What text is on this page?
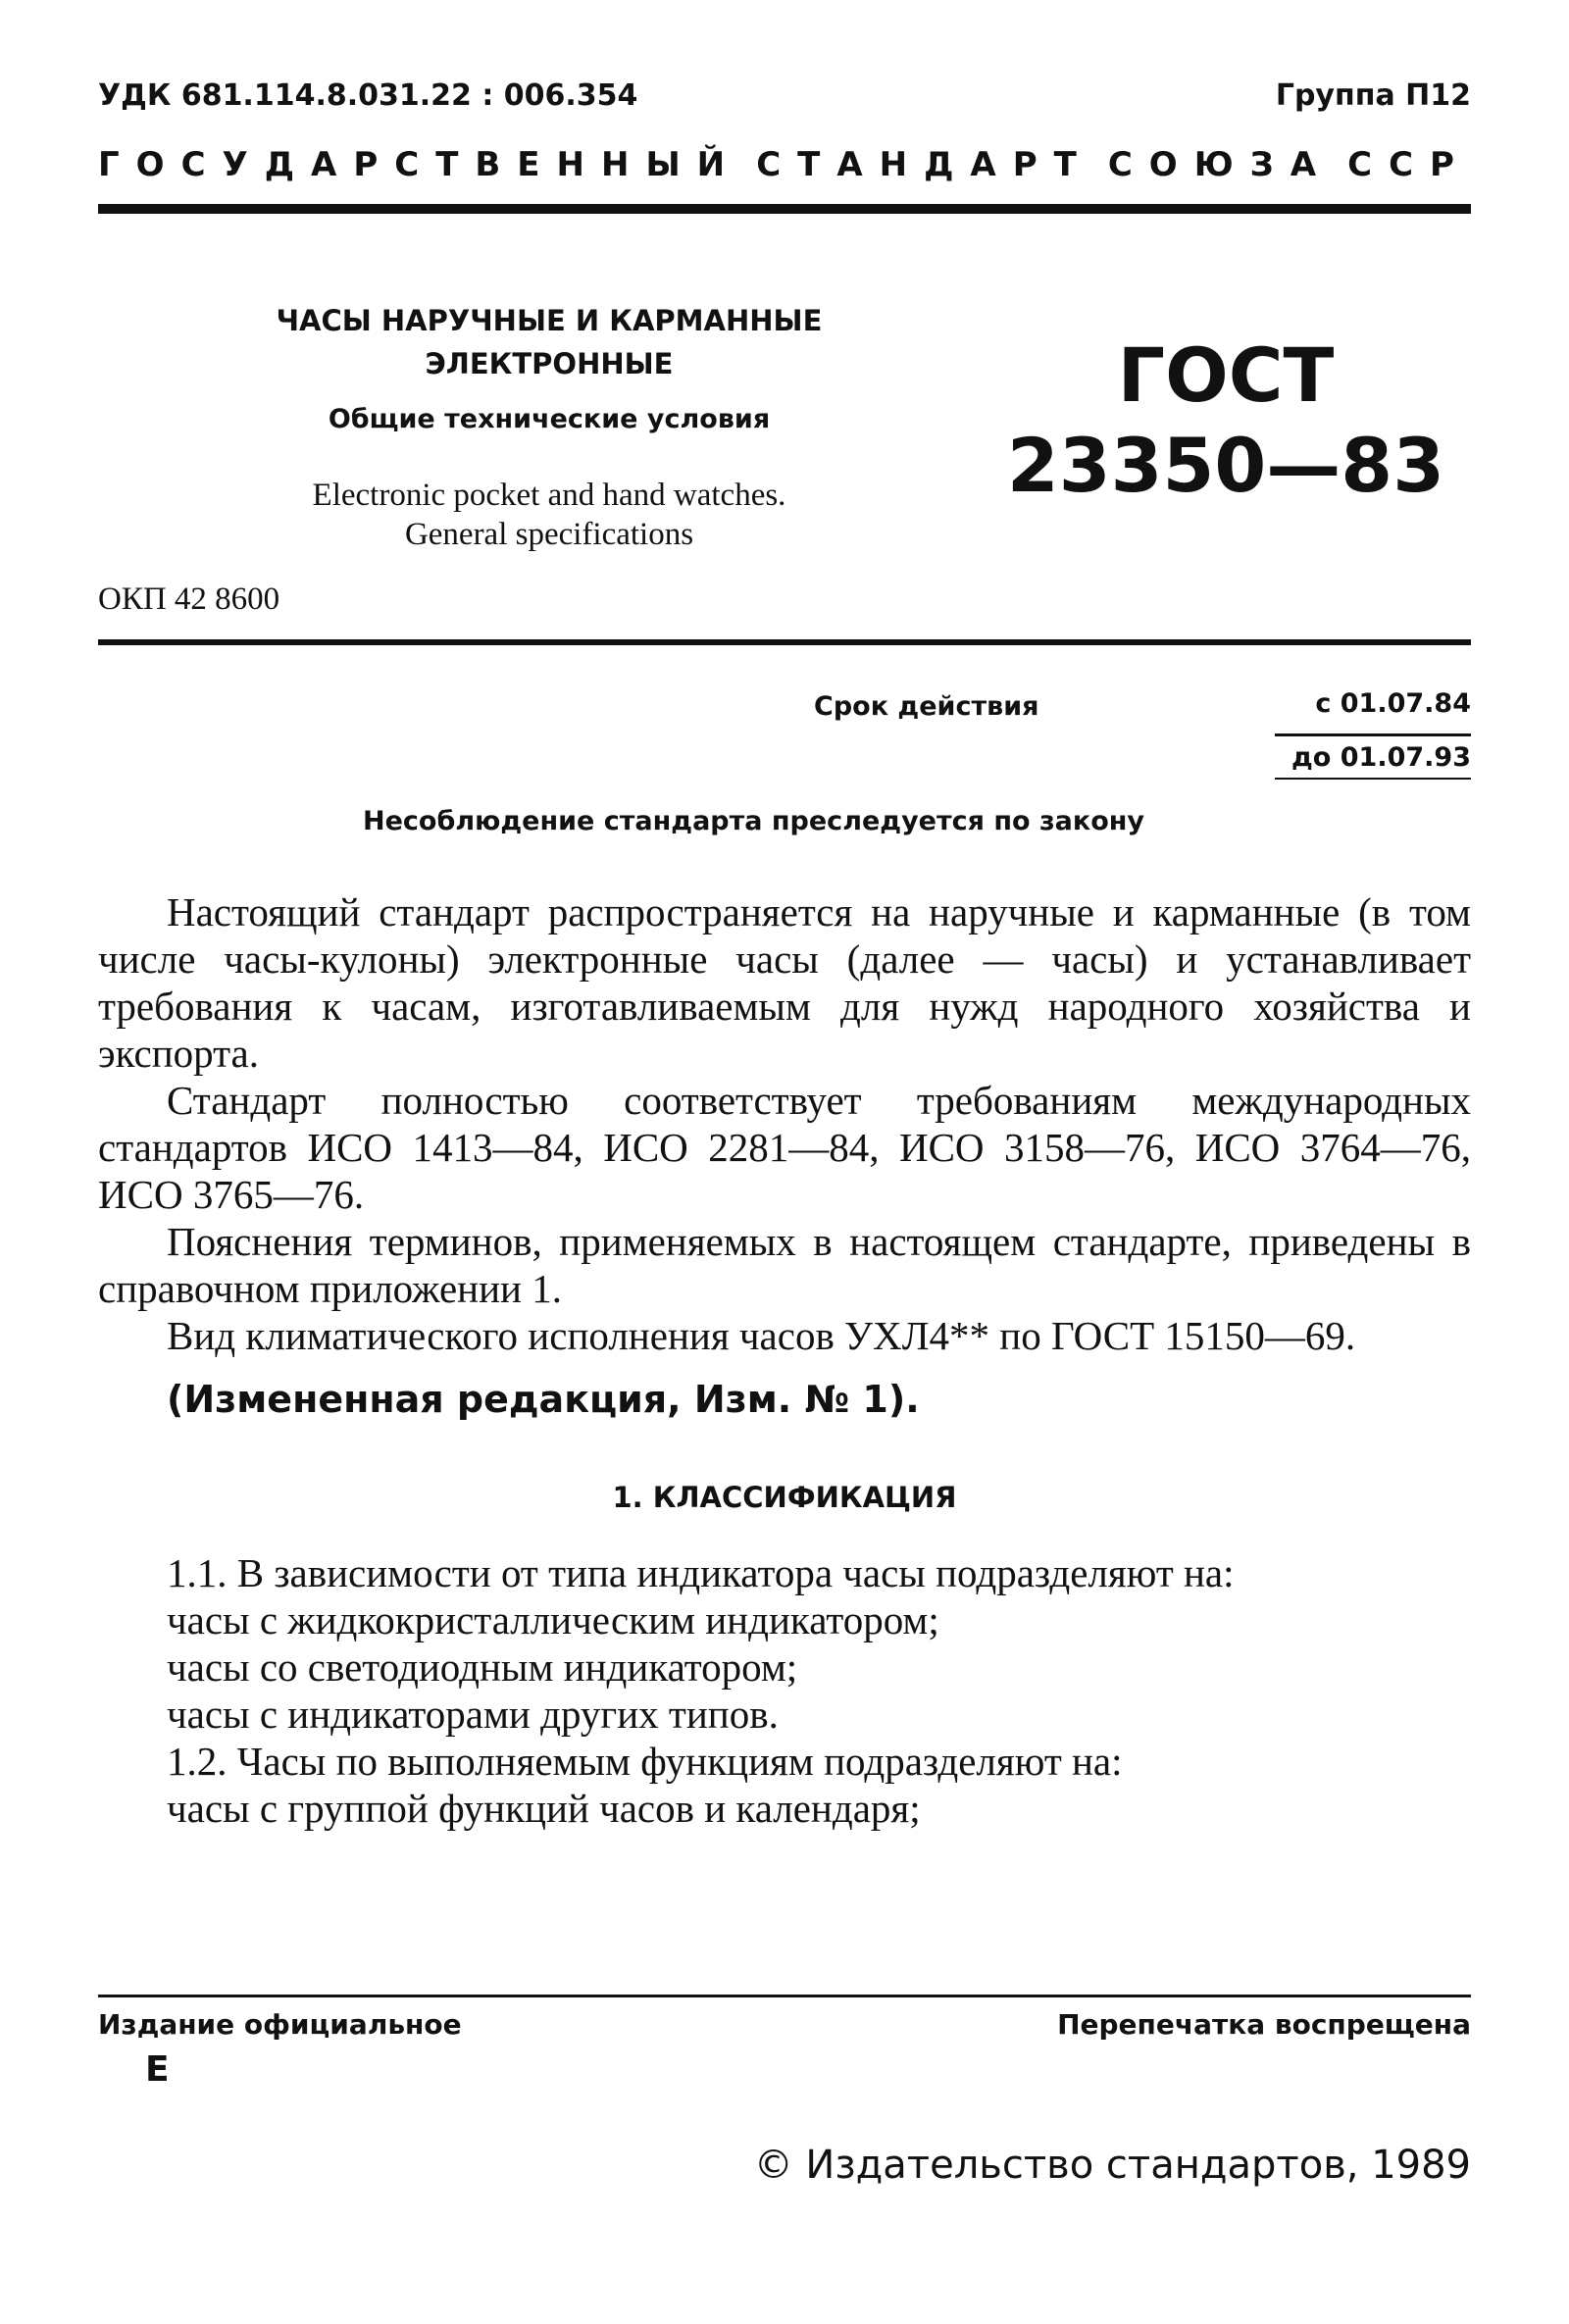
УДК 681.114.8.031.22 : 006.354	Группа П12
ГОСУДАРСТВЕННЫЙ СТАНДАРТ СОЮЗА ССР
ЧАСЫ НАРУЧНЫЕ И КАРМАННЫЕ
ЭЛЕКТРОННЫЕ
Общие технические условия
Electronic pocket and hand watches.
General specifications
ГОСТ
23350—83
ОКП 42 8600
Срок действия	с 01.07.84
до 01.07.93
Несоблюдение стандарта преследуется по закону

Настоящий стандарт распространяется на наручные и карманные (в том числе часы-кулоны) электронные часы (далее — часы) и устанавливает требования к часам, изготавливаемым для нужд народного хозяйства и экспорта.

Стандарт полностью соответствует требованиям международных стандартов ИСО 1413—84, ИСО 2281—84, ИСО 3158—76, ИСО 3764—76, ИСО 3765—76.

Пояснения терминов, применяемых в настоящем стандарте, приведены в справочном приложении 1.

Вид климатического исполнения часов УХЛ4** по ГОСТ 15150—69.

(Измененная редакция, Изм. № 1).
1. КЛАССИФИКАЦИЯ

1.1. В зависимости от типа индикатора часы подразделяют на:

часы с жидкокристаллическим индикатором;

часы со светодиодным индикатором;

часы с индикаторами других типов.

1.2. Часы по выполняемым функциям подразделяют на:

часы с группой функций часов и календаря;

Издание официальное
Е
Перепечатка воспрещена
© Издательство стандартов, 1989
